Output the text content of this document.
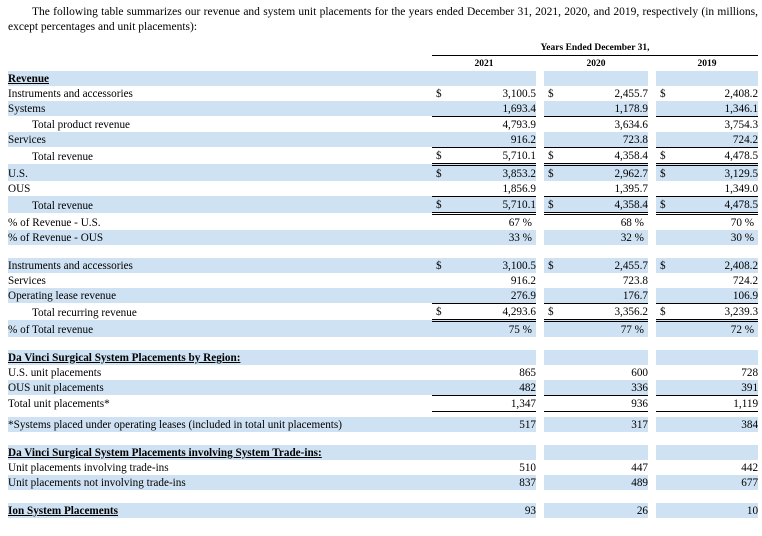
The following table summarizes our revenue and system unit placements for the years ended December 31, 2021, 2020, and 2019, respectively (in millions, except percentages and unit placements):
	Years Ended December 31,							
	2021			2020			2019	
Revenue								
Instruments and accessories	$	3,100.5		$	2,455.7		$	2,408.2
Systems		1,693.4			1,178.9			1,346.1
Total product revenue		4,793.9			3,634.6			3,754.3
Services		916.2			723.8			724.2
Total revenue	$	5,710.1		$	4,358.4		$	4,478.5
U.S.	$	3,853.2		$	2,962.7		$	3,129.5
OUS		1,856.9			1,395.7			1,349.0
Total revenue	$	5,710.1		$	4,358.4		$	4,478.5
% of Revenue - U.S.		67 %			68 %			70 %
% of Revenue - OUS		33 %			32 %			30 %

Instruments and accessories	$	3,100.5		$	2,455.7		$	2,408.2
Services		916.2			723.8			724.2
Operating lease revenue		276.9			176.7			106.9
Total recurring revenue	$	4,293.6		$	3,356.2		$	3,239.3
% of Total revenue		75 %			77 %			72 %

Da Vinci Surgical System Placements by Region:								
U.S. unit placements		865			600			728
OUS unit placements		482			336			391
Total unit placements*		1,347			936			1,119

*Systems placed under operating leases (included in total unit placements)		517			317			384

Da Vinci Surgical System Placements involving System Trade-ins:								
Unit placements involving trade-ins		510			447			442
Unit placements not involving trade-ins		837			489			677

Ion System Placements		93			26			10
